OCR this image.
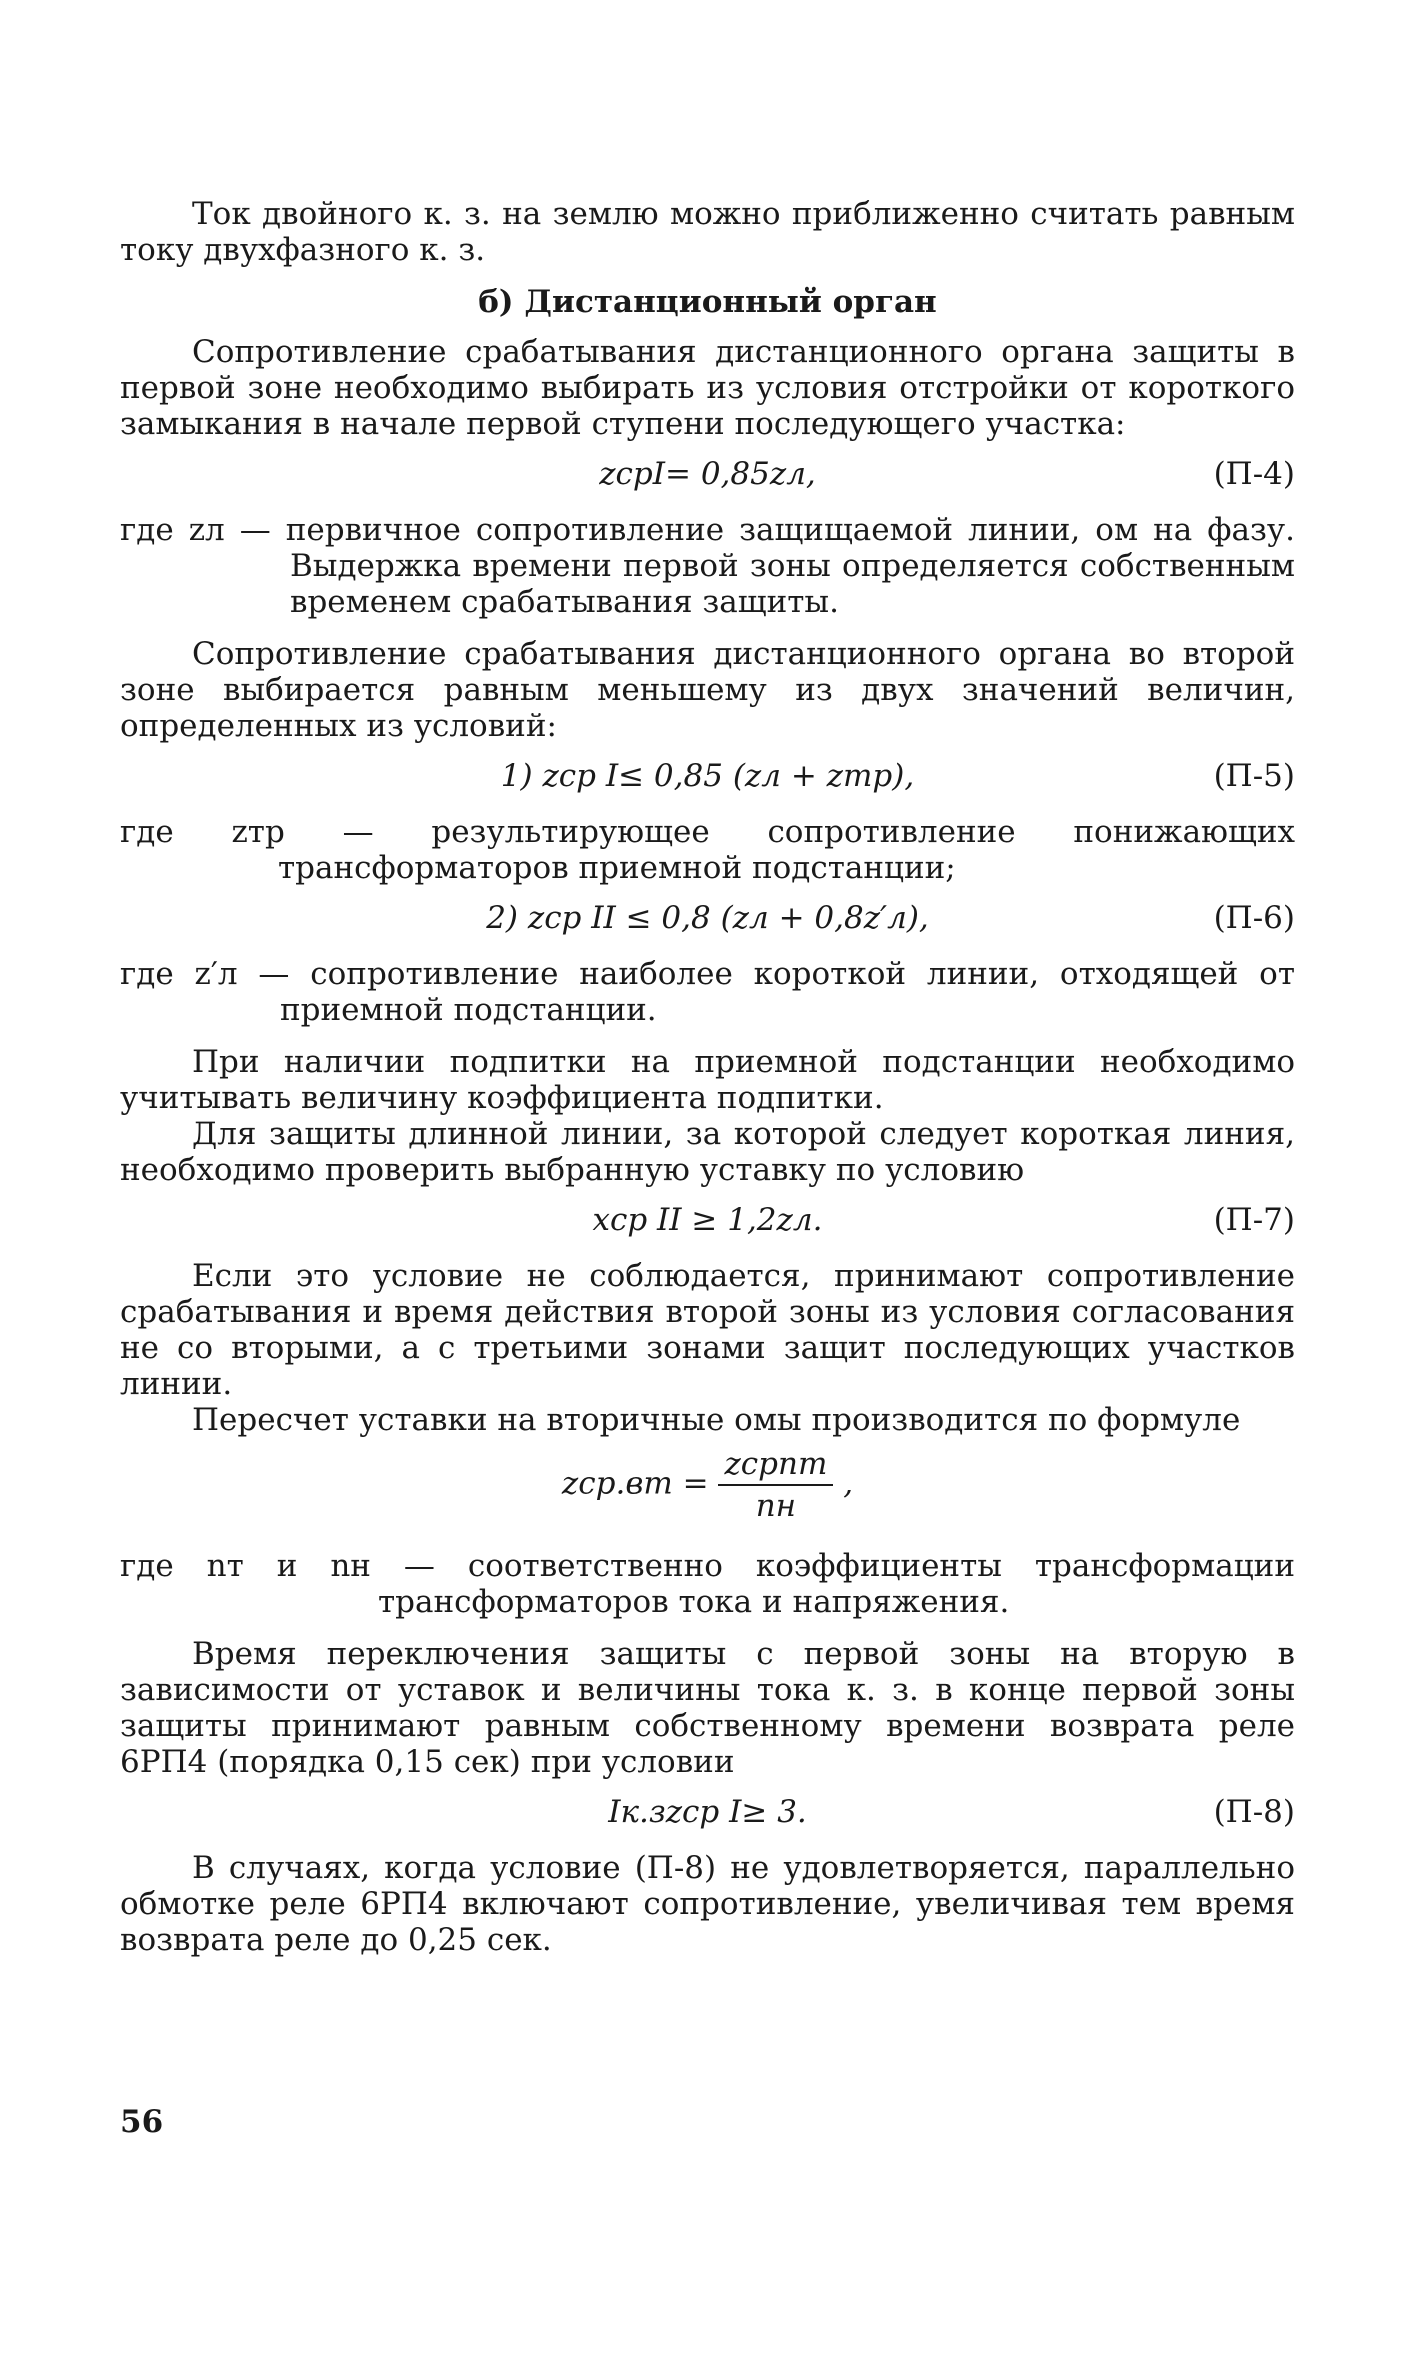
Ток двойного к. з. на землю можно приближенно считать равным току двухфазного к. з.

б) Дистанционный орган

Сопротивление срабатывания дистанционного органа защиты в первой зоне необходимо выбирать из условия отстройки от короткого замыкания в начале первой ступени последующего участка:

zсрI= 0,85zл,	(П-4)

где zл — первичное сопротивление защищаемой линии, ом на фазу. Выдержка времени первой зоны определяется собственным временем срабатывания защиты.

Сопротивление срабатывания дистанционного органа во второй зоне выбирается равным меньшему из двух значений величин, определенных из условий:

1) zср I≤ 0,85 (zл + zтр),	(П-5)

где zтр — результирующее сопротивление понижающих трансформаторов приемной подстанции;

2) zср II ≤ 0,8 (zл + 0,8z′л),	(П-6)

где z′л — сопротивление наиболее короткой линии, отходящей от приемной подстанции.

При наличии подпитки на приемной подстанции необходимо учитывать величину коэффициента подпитки.

Для защиты длинной линии, за которой следует короткая линия, необходимо проверить выбранную уставку по условию

xср II ≥ 1,2zл.	(П-7)

Если это условие не соблюдается, принимают сопротивление срабатывания и время действия второй зоны из условия согласования не со вторыми, а с третьими зонами защит последующих участков линии.

Пересчет уставки на вторичные омы производится по формуле

$zср.вт = \frac{\text{zсрnт}}{nн}$ ,

где nт и nн — соответственно коэффициенты трансформации трансформаторов тока и напряжения.

Время переключения защиты с первой зоны на вторую в зависимости от уставок и величины тока к. з. в конце первой зоны защиты принимают равным собственному времени возврата реле 6РП4 (порядка 0,15 сек) при условии

Iк.зzср I≥ 3.	(П-8)

В случаях, когда условие (П-8) не удовлетворяется, параллельно обмотке реле 6РП4 включают сопротивление, увеличивая тем время возврата реле до 0,25 сек.

56
